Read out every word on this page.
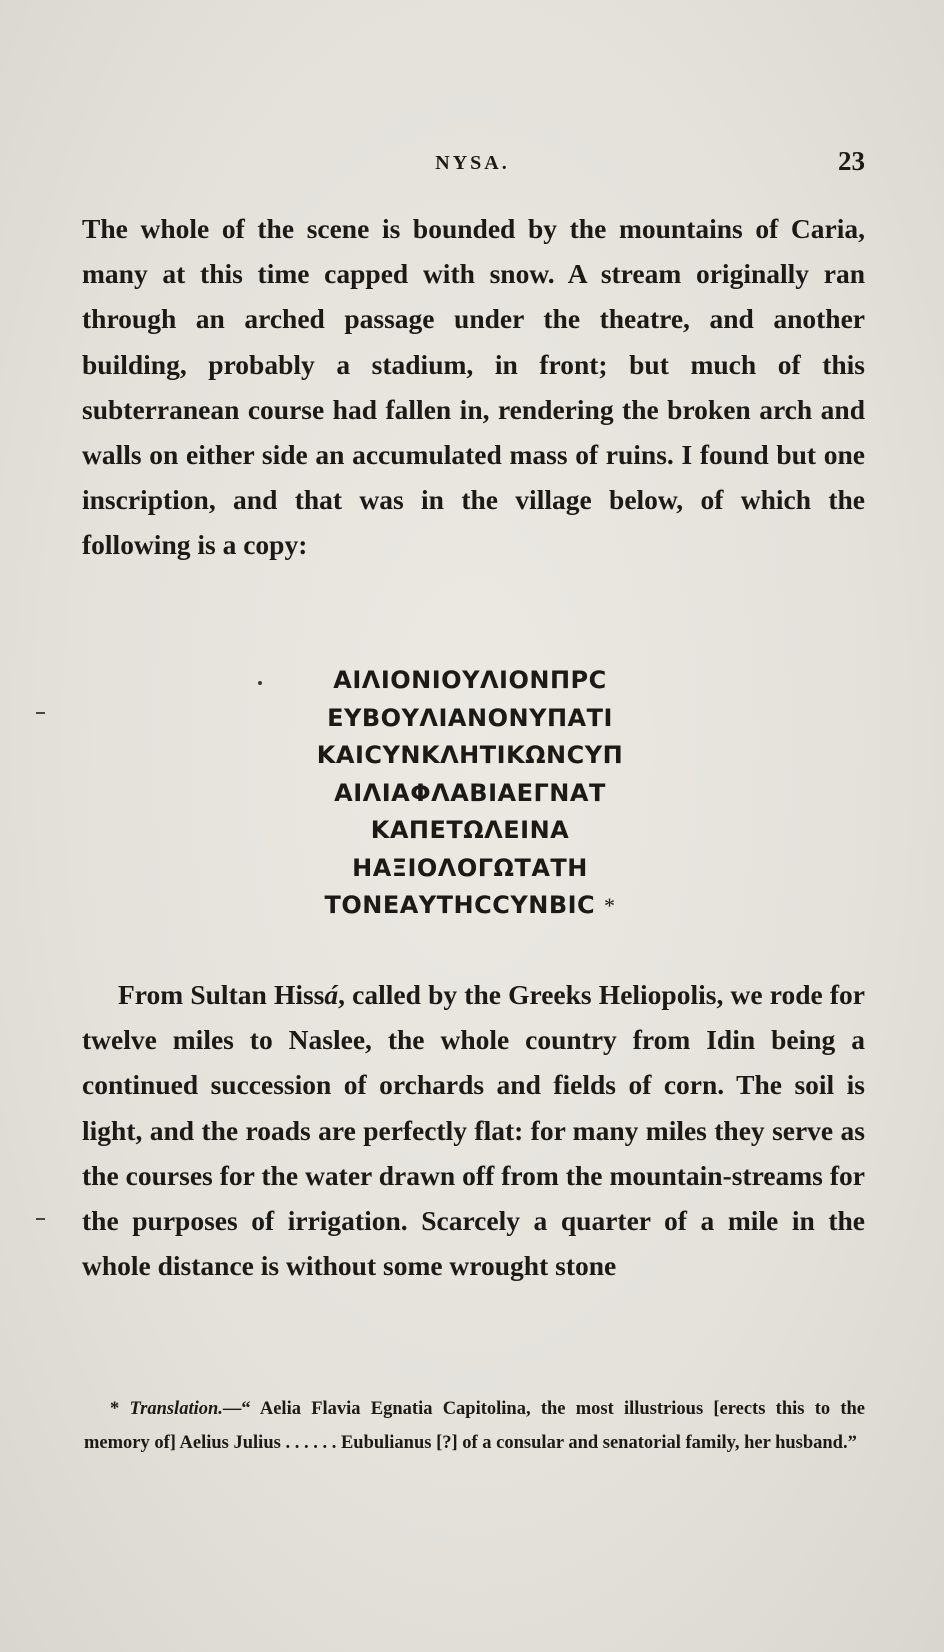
NYSA.	23

The whole of the scene is bounded by the mountains of Caria, many at this time capped with snow. A stream originally ran through an arched passage under the theatre, and another building, probably a stadium, in front; but much of this subterranean course had fallen in, rendering the broken arch and walls on either side an accumulated mass of ruins. I found but one inscription, and that was in the village below, of which the following is a copy:

ΑΙΛΙΟΝΙΟΥΛΙΟΝΠΡϹ
ΕΥΒΟΥΛΙΑΝΟΝΥΠΑΤΙ
ΚΑΙϹΥΝΚΛΗΤΙΚΩΝϹΥΠ
ΑΙΛΙΑΦΛΑΒΙΑΕΓΝΑΤ
ΚΑΠΕΤΩΛΕΙΝΑ
ΗΑΞΙΟΛΟΓΩΤΑΤΗ
ΤΟΝΕΑΥΤΗϹϹΥΝΒΙϹ *

From Sultan Hissá, called by the Greeks Heliopolis, we rode for twelve miles to Naslee, the whole country from Idin being a continued succession of orchards and fields of corn. The soil is light, and the roads are perfectly flat: for many miles they serve as the courses for the water drawn off from the mountain-streams for the purposes of irrigation. Scarcely a quarter of a mile in the whole distance is without some wrought stone

* Translation.—“ Aelia Flavia Egnatia Capitolina, the most illustrious [erects this to the memory of] Aelius Julius . . . . . . Eubulianus [?] of a consular and senatorial family, her husband.”
